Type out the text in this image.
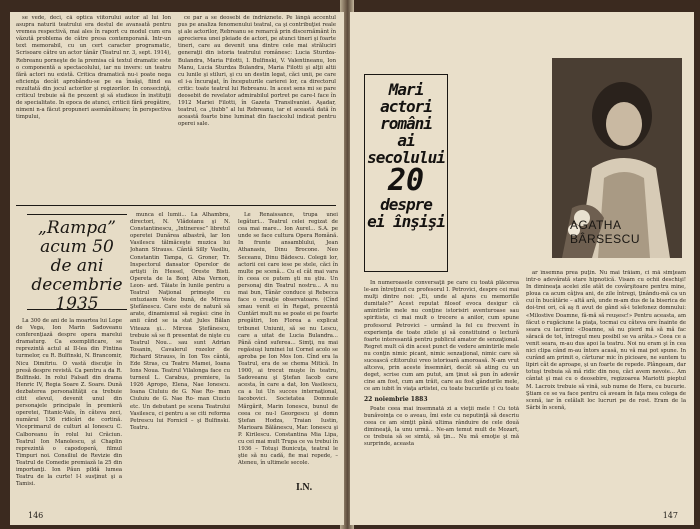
se vede, deci, că optica viitorului autor al lui Ion asupra naturii teatrului era destul de avansată pentru vremea respectivă, mai ales în raport cu modul cum era văzută problema de către presa contemporană. Intr-un text memorabil, cu un cert caracter programatic, Scrisoare către un actor tânăr (Teatrul nr. 3, sept. 1914), Rebreanu porneşte de la premisa că textul dramatic este o componentă a spectacolului, iar nu invers: un teatru fără actori nu există. Critica dramatică nu-i poate nega eficienţa decât aprobându-se pe ea însăşi, fiind ea rezultată din jocul actorilor şi regizorilor. In consecinţă, criticul trebuie să fie prezent şi să studieze în instituţii de specialitate. In epoca de atunci, criticii fără pregătire, nimeni n-a făcut propuneri asemănătoare; în perspectiva timpului,

ce par a se deosebi de îndrăznete. Pe lângă accentul pus pe analiza fenomenului teatral, ca şi contribuţiei reale şi ale actorilor, Rebreanu se remarcă prin discernământ în aprecierea unei pleiade de actori, pe atunci tineri şi foarte tineri, care au devenit una dintre cele mai străluciri generaţii din istoria teatrului românesc: Lucia Sturdza-Bulandra, Maria Filotti, I. Bulfinski, V. Valentineanu, Ion Manu, Lucia Sturdza Bulandra, Maria Filotti şi alţii altii cu lunile şi stiluri, şi cu un destin legat, căci unii, pe care el i-a încurajat, în începuturile carierei lor, ca directorul critic: toate teatrul lui Rebreanu. In acest sens mi se pare deosebit de revelator admirabilul portret pe care-l face în 1912 Mariei Filotti, în Gazeta Transilvaniei. Aşadar, teatrul, ca „tiubb” al lui Rebreanu, iar el această dată în această foarte bine luminat din fascicolul indicat pentru operei sale.

„Rampa”
acum 50
de ani
decembrie
1935

La 300 de ani de la moartea lui Lope de Vega, Ion Marin Sadoveanu conferenţiază despre opera marelui dramaturg. Ca exemplificare, se reprezintă actul al II-lea din Fintina turmelor, cu R. Bulfinski, N. Brancomir, Nicu Dimitriu. O vastă discuţie în presă despre revistă. Ca pentru a da R. Bulfinski. In rolul Falsafl din drama Henric IV, Regia Soare Z. Soare. Dună dezbaterea personalităţii ca trebuie citit elevul, devenit unul din personajele principale în premieră operetei, Titanic-Vals, în câteva zeci, numărul 136 ridicări de cortină. Viceprimarul de culturi al Ionescu C. Calboreanu în rolul lui Crăciun. Teatrul Ion Manolescu, şi Chaplin reprezintă o capodoperă, filmul Timpuri noi. Consiliul de Revizie din Teatrul de Comedie premiază la 25 din importanţi. Ion Păun pildă lumea Teatru de la curte! I-l susţinut şi a Tamisi.

munca el lumii... La Alhambra, directori, N. Vlădoianu şi N. Constantinescu, „Intineresc” libretul operetei Dunărea albastră, lar Ion Vasilescu tălmăceşte muzica lui Johann Strauss. Cântă Silly Vasiliu, Constantin Tampa, G. Groner, Tr. Inspectorul dansator Operelor de artişti în Hessel, Oreste Bisti. Opereta de la Bonţ Aiba Vernon, Leon- ard. Tăiate în lunile pentru a Teatrul Naţional primeşte cu entuziasm Veste bună, de Mircea Ştefănescu. Care este de natură să arate, dinamismul să regăsi: cine în anii când se ia stat Jules Bălan Viteaza şi... Mircea Ştefănescu, trebuie să se fi presentat de nişte cu Teatrul Nou... sau sunt Adrian Tosanin, Cavalerul rozelor de Richard Strauss, în Ion Tos cântă, Ede Stras, cu Teatru Mamei, Ioana Ions Noua. Teatrul Vilalonga face cu turneul L. Carabus, premiere, la 1926 Apropo, Elena, Nae Ionescu. Ioana Ciuluiu de G. Nae Ro- man Ciuluiu de G. Nae Ro- man Ciuciu etc. Un debutant pe scena Teatrului Vasilescu, ci pentru a se citi reforma Petrescu lui Fornicil – şi Bulfinski. Teatru.

Le Renaissance, trupa unei legături... Teatrul celei regizat de cea mai mare... Ion Aurel... S.A. pe unde se face cultura Opera Română. In frunte ansamblului, Jean Athanasiu, Dinu Brocone. Neo Seceanu, Dinu Bădescu. Colegii lor, actorii cei care iese pe stele, căci în multe pe scenă... Cu el cât mai vara în ceea ce putem şti nu ştiu. Un personaj din Teatrul nostru... A nu mai bun, Tânăr conduce şi Rebecca face o creaţie observatoare. (Cînd smau venit ei în Regat, prezentă Cuntări mult nu se poate ei pe foarte pregătiri, Ion Florea a explicat tribunei Uniunii, să se nu Lescu, care a uitat de Lucia Bulandra... Până când suferea... Simţi, nu mai regăsiuşi luminei lui Cornel acolo se aproba pe Ion Mos Ion. Cînd era la Teatrul, era de se chema Mitică. In 1900, ai trecut muşte în teatru, Sadoveanu şi Ştefan Iacob care acesta, în care a dat, Ion Vasilescu, ca a lui Un succes internaţional, Iacobovici. Societatea Domnule Mărgărit, Marin Ionescu, bunul de ceea ce nu-l Georgescu şi domn Ştefan Hodza, Traian Iustin, Marioara Bălănescu, Mar. Ionescu şi P. Kirilescu. Constantina Mia Lipa, cu cei mai mult Trupa ce va trebui în 1936 – Totuşi Bunicuţa, teatral le ştie să nu cadă, fie mai repede, – Ateneu, în ultimele secole.

I.N.
146
Mari
actori
români
ai secolului
20
despre
ei înşişi	AGATHA
BÂRSESCU

In numeroasele conversaţii pe care cu toată plăcerea le-am întreţinut cu profesorul I. Petrovici, despre cei mai mulţi dintre noi: „Ei, unde al ajuns cu memoriile dumitale?” Acest reputat filosof evoca desigur că amintirile mele nu conţine istorisiri aventuroase sau spiritiste, ci mai mult o trecere a anilor, cum spune profesorul Petrovici – urmând la fel cu frecvent în experienţa de toate zilele şi să constituind o lectură foarte interesantă pentru publicul amator de senzaţional. Regret mult că din acest punct de vedere amintirile mele nu conţin nimic picant, nimic senzaţional, nimic care să sucească cititorului vreo istorioară amoroasă. N-am vrut altceva, prin aceste însemnări, decât să ating cu un deget, scrise cum am putut, am ţinut să pun în adevăr cine am fost, cum am trăit, care au fost gândurile mele, ce am iubit în viaţa artistei, cu toate bucuriile şi cu toate

22 noiembrie 1883

Poate ceea mai însemnată zi a vieţii mele ! Cu totă bunăvoinţa ce o aveau, îmi este cu neputinţă să descriu ceea ce am simţit până ultima rânduire de cele două dimineaţă, la unu urmă... Ne-am temut mult de Mozart, ce trebuia să se simtă, să ţin... Nu mă emoţie şi mă surprinde, aceasta

ar însemna prea puţin. Nu mai trăiam, ci mă simţeam intr-o adevărată stare hipnotică. Visam cu ochii deschişi! In dimineaţa acelei zile atât de covârşitoare pentru mine, ploua ca acum câţiva ani, de zile întregi, ţinându-mă ca un cui în bucătărie – altă ară, unde m-am dus de la biserica de doi-trei ori, că aş fi avut de gând să-i telefonez domnului: «Milostive Doamne, fă-mă să reuşesc!» Pentru aceasta, am făcut o rugăciune la piaţa, tocmai cu câteva ore înainte de seara cu lacrimi: «Doamne, să nu pierd mă să mă fac săracă de tot, întregul meu posibil se va arăta.» Ceea ce a venit seara, m-au dus apoi la teatru. Noi nu eram şi în cea nici clipa când m-au întors acasă, nu vă mai pot spune. In curând am primit o, cărturar mic în picioare, ne suntem tu lipiri cât de aproape, şi un foarte de repede. Plângeam, dar totuşi trebuia să mă ridic din nou, căci avem nevoie... Am cântat şi mai cu o deosebire, regizoarea Mariotti pieptul M. Lacroix trebuie să vină, sub nume de Hera, cu bucurie. Ştiam ce se va face pentru că aveam în faţa mea colega de scenă, iar în celălalt loc lucruri pe de rost. Eram de la Sârbi în scenă,

147
